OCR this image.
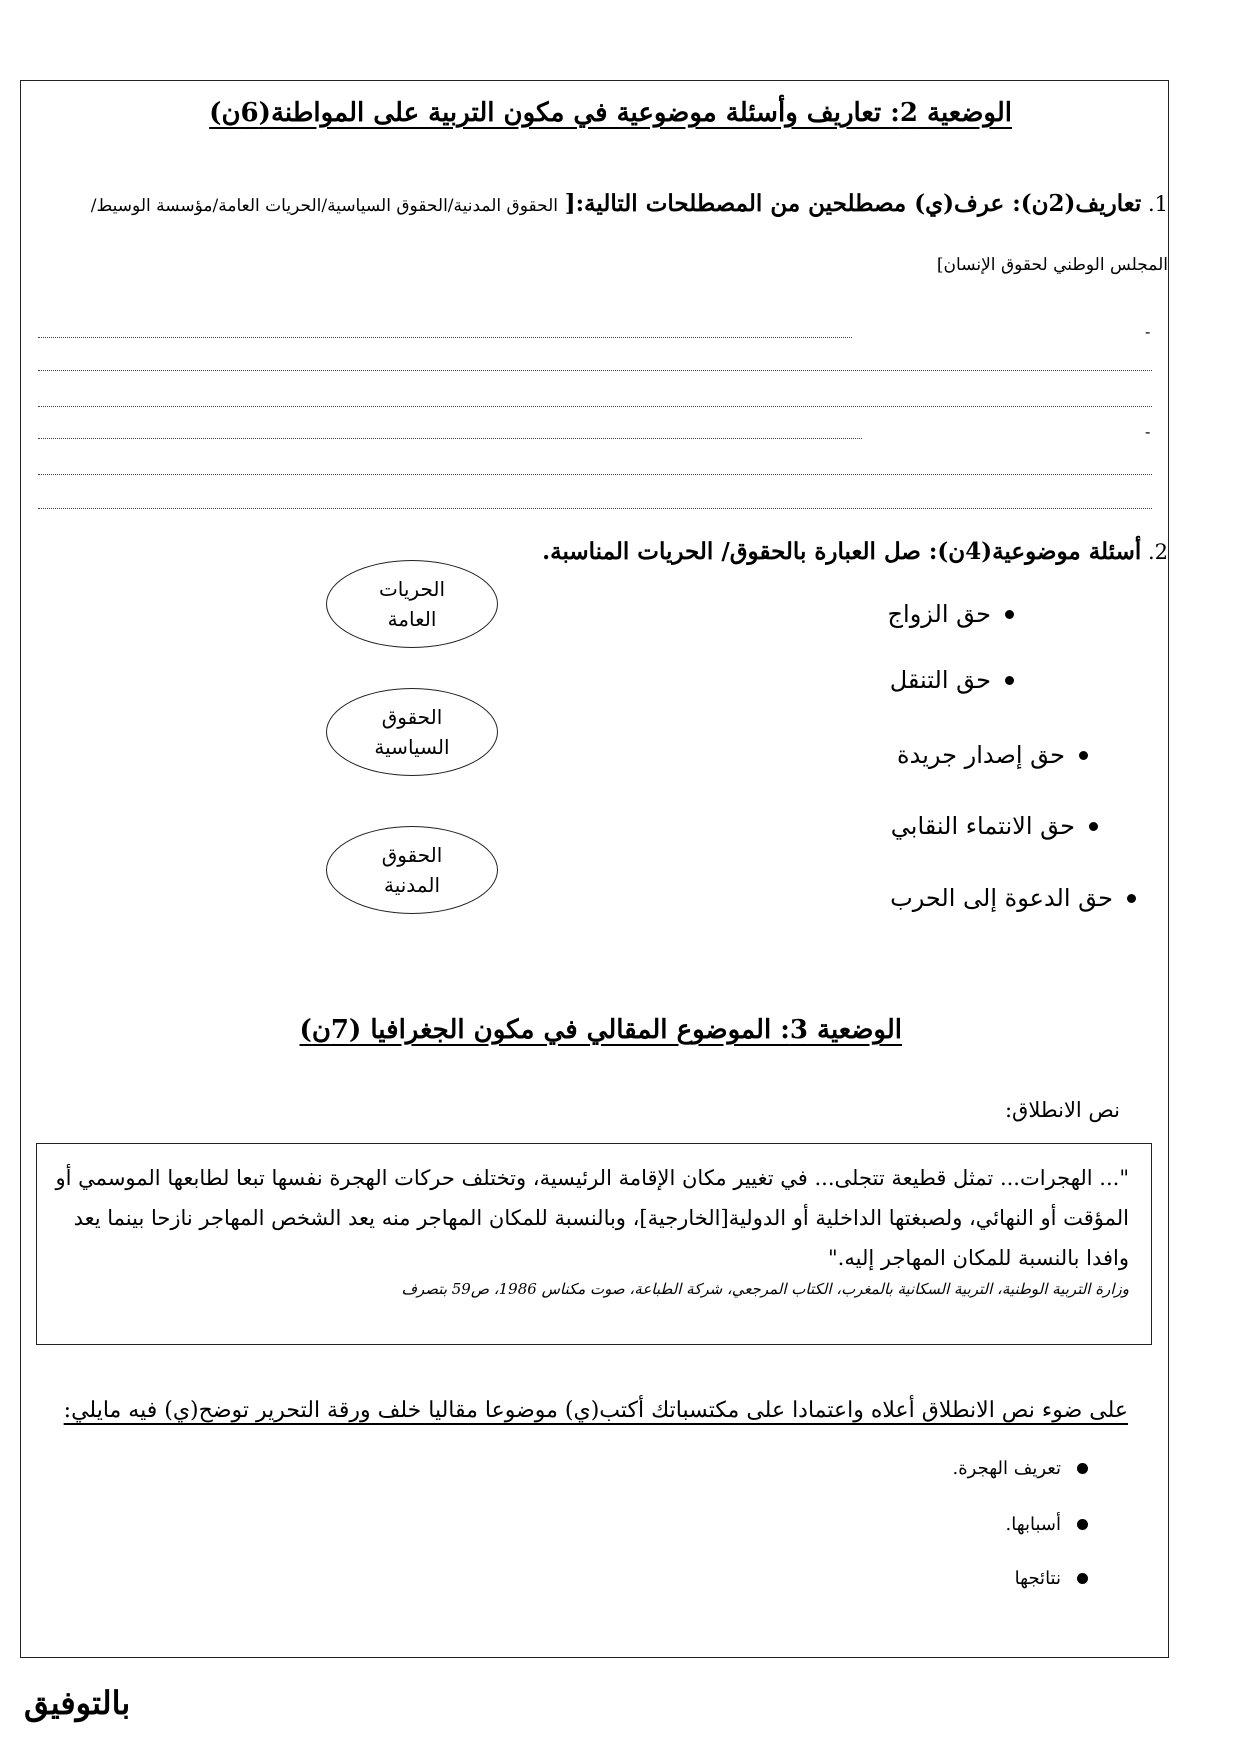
الوضعية 2: تعاريف وأسئلة موضوعية في مكون التربية على المواطنة(6ن)
1. تعاريف(2ن): عرف(ي) مصطلحين من المصطلحات التالية:[ الحقوق المدنية/الحقوق السياسية/الحريات العامة/مؤسسة الوسيط/
المجلس الوطني لحقوق الإنسان]
-
-
2. أسئلة موضوعية(4ن): صل العبارة بالحقوق/ الحريات المناسبة.
حق الزواج
حق التنقل
حق إصدار جريدة
حق الانتماء النقابي
حق الدعوة إلى الحرب
الحريات
العامة
الحقوق
السياسية
الحقوق
المدنية
الوضعية 3: الموضوع المقالي في مكون الجغرافيا (7ن)
نص الانطلاق:
"... الهجرات... تمثل قطيعة تتجلى... في تغيير مكان الإقامة الرئيسية، وتختلف حركات الهجرة نفسها تبعا لطابعها الموسمي أو المؤقت أو النهائي، ولصبغتها الداخلية أو الدولية[الخارجية]، وبالنسبة للمكان المهاجر منه يعد الشخص المهاجر نازحا بينما يعد وافدا بالنسبة للمكان المهاجر إليه."
وزارة التربية الوطنية، التربية السكانية بالمغرب، الكتاب المرجعي، شركة الطباعة، صوت مكناس 1986، ص59 بتصرف
على ضوء نص الانطلاق أعلاه واعتمادا على مكتسباتك أكتب(ي) موضوعا مقاليا خلف ورقة التحرير توضح(ي) فيه مايلي:
تعريف الهجرة.
أسبابها.
نتائجها
بالتوفيق
